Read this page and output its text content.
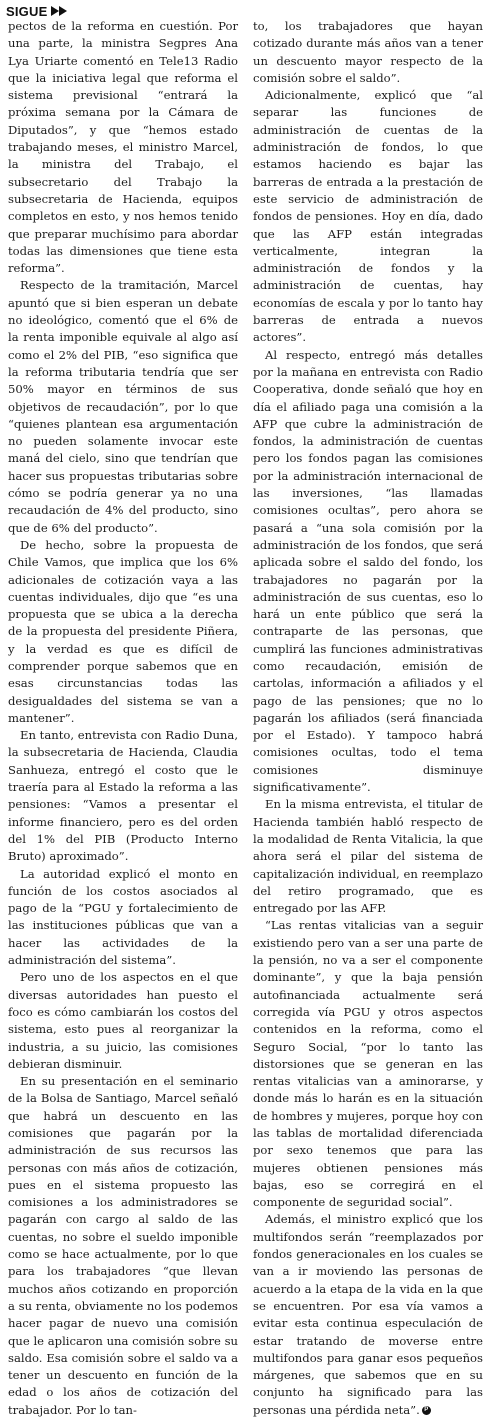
SIGUE

pectos de la reforma en cuestión. Por una parte, la ministra Segpres Ana Lya Uriarte comentó en Tele13 Radio que la iniciativa legal que reforma el sistema previsional “entrará la próxima semana por la Cámara de Diputados”, y que “hemos estado trabajando meses, el ministro Marcel, la ministra del Trabajo, el subsecretario del Trabajo la subsecretaria de Hacienda, equipos completos en esto, y nos hemos tenido que preparar muchísimo para abordar todas las dimensiones que tiene esta reforma”.

Respecto de la tramitación, Marcel apuntó que si bien esperan un debate no ideológico, comentó que el 6% de la renta imponible equivale al algo así como el 2% del PIB, “eso significa que la reforma tributaria tendría que ser 50% mayor en términos de sus objetivos de recaudación”, por lo que “quienes plantean esa argumentación no pueden solamente invocar este maná del cielo, sino que tendrían que hacer sus propuestas tributarias sobre cómo se podría generar ya no una recaudación de 4% del producto, sino que de 6% del producto”.

De hecho, sobre la propuesta de Chile Vamos, que implica que los 6% adicionales de cotización vaya a las cuentas individuales, dijo que “es una propuesta que se ubica a la derecha de la propuesta del presidente Piñera, y la verdad es que es difícil de comprender porque sabemos que en esas circunstancias todas las desigualdades del sistema se van a mantener”.

En tanto, entrevista con Radio Duna, la subsecretaria de Hacienda, Claudia Sanhueza, entregó el costo que le traería para al Estado la reforma a las pensiones: “Vamos a presentar el informe financiero, pero es del orden del 1% del PIB (Producto Interno Bruto) aproximado”.

La autoridad explicó el monto en función de los costos asociados al pago de la “PGU y fortalecimiento de las instituciones públicas que van a hacer las actividades de la administración del sistema”.

Pero uno de los aspectos en el que diversas autoridades han puesto el foco es cómo cambiarán los costos del sistema, esto pues al reorganizar la industria, a su juicio, las comisiones debieran disminuir.

En su presentación en el seminario de la Bolsa de Santiago, Marcel señaló que habrá un descuento en las comisiones que pagarán por la administración de sus recursos las personas con más años de cotización, pues en el sistema propuesto las comisiones a los administradores se pagarán con cargo al saldo de las cuentas, no sobre el sueldo imponible como se hace actualmente, por lo que para los trabajadores “que llevan muchos años cotizando en proporción a su renta, obviamente no los podemos hacer pagar de nuevo una comisión que le aplicaron una comisión sobre su saldo. Esa comisión sobre el saldo va a tener un descuento en función de la edad o los años de cotización del trabajador. Por lo tan-

to, los trabajadores que hayan cotizado durante más años van a tener un descuento mayor respecto de la comisión sobre el saldo”.

Adicionalmente, explicó que “al separar las funciones de administración de cuentas de la administración de fondos, lo que estamos haciendo es bajar las barreras de entrada a la prestación de este servicio de administración de fondos de pensiones. Hoy en día, dado que las AFP están integradas verticalmente, integran la administración de fondos y la administración de cuentas, hay economías de escala y por lo tanto hay barreras de entrada a nuevos actores”.

Al respecto, entregó más detalles por la mañana en entrevista con Radio Cooperativa, donde señaló que hoy en día el afiliado paga una comisión a la AFP que cubre la administración de fondos, la administración de cuentas pero los fondos pagan las comisiones por la administración internacional de las inversiones, “las llamadas comisiones ocultas”, pero ahora se pasará a “una sola comisión por la administración de los fondos, que será aplicada sobre el saldo del fondo, los trabajadores no pagarán por la administración de sus cuentas, eso lo hará un ente público que será la contraparte de las personas, que cumplirá las funciones administrativas como recaudación, emisión de cartolas, información a afiliados y el pago de las pensiones; que no lo pagarán los afiliados (será financiada por el Estado). Y tampoco habrá comisiones ocultas, todo el tema comisiones disminuye significativamente”.

En la misma entrevista, el titular de Hacienda también habló respecto de la modalidad de Renta Vitalicia, la que ahora será el pilar del sistema de capitalización individual, en reemplazo del retiro programado, que es entregado por las AFP.

“Las rentas vitalicias van a seguir existiendo pero van a ser una parte de la pensión, no va a ser el componente dominante”, y que la baja pensión autofinanciada actualmente será corregida vía PGU y otros aspectos contenidos en la reforma, como el Seguro Social, “por lo tanto las distorsiones que se generan en las rentas vitalicias van a aminorarse, y donde más lo harán es en la situación de hombres y mujeres, porque hoy con las tablas de mortalidad diferenciada por sexo tenemos que para las mujeres obtienen pensiones más bajas, eso se corregirá en el componente de seguridad social”.

Además, el ministro explicó que los multifondos serán “reemplazados por fondos generacionales en los cuales se van a ir moviendo las personas de acuerdo a la etapa de la vida en la que se encuentren. Por esa vía vamos a evitar esta continua especulación de estar tratando de moverse entre multifondos para ganar esos pequeños márgenes, que sabemos que en su conjunto ha significado para las personas una pérdida neta”. P
